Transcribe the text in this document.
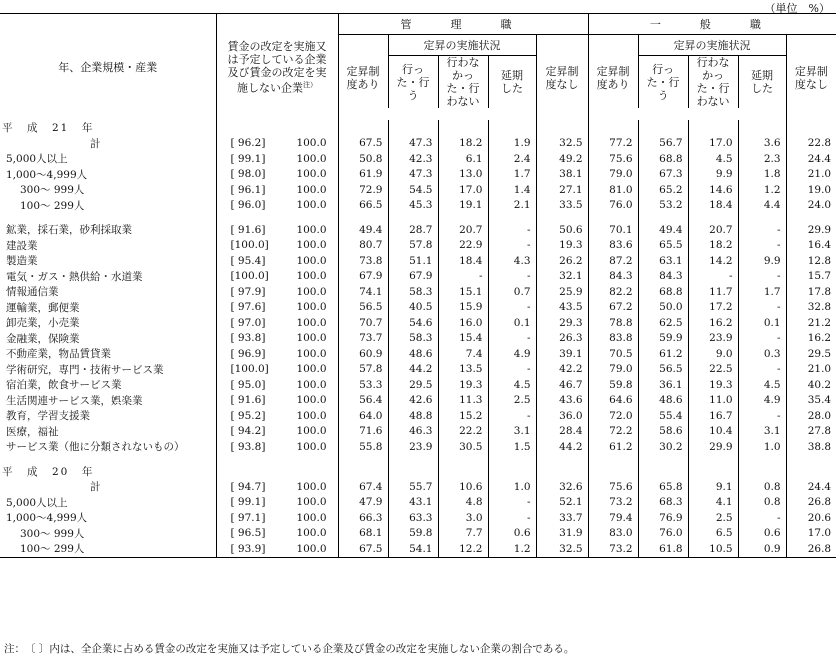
（単位　%）
年、企業規模・産業	賃金の改定を実施又は予定している企業及び賃金の改定を実施しない企業$^{注)}$	管　理　職					一　般　職				
		定昇制度あり	定昇の実施状況			定昇制度なし	定昇制度あり	定昇の実施状況			定昇制度なし
			行った・行う	行わなかった・行わない	延期した			行った・行う	行わなかった・行わない	延期した	

平　成　21　年											
計	[ 96.2] 100.0	67.5	47.3	18.2	1.9	32.5	77.2	56.7	17.0	3.6	22.8
5,000人以上	[ 99.1] 100.0	50.8	42.3	6.1	2.4	49.2	75.6	68.8	4.5	2.3	24.4
1,000～4,999人	[ 98.0] 100.0	61.9	47.3	13.0	1.7	38.1	79.0	67.3	9.9	1.8	21.0
300～ 999人	[ 96.1] 100.0	72.9	54.5	17.0	1.4	27.1	81.0	65.2	14.6	1.2	19.0
100～ 299人	[ 96.0] 100.0	66.5	45.3	19.1	2.1	33.5	76.0	53.2	18.4	4.4	24.0

鉱業，採石業，砂利採取業	[ 91.6] 100.0	49.4	28.7	20.7	-	50.6	70.1	49.4	20.7	-	29.9
建設業	[100.0] 100.0	80.7	57.8	22.9	-	19.3	83.6	65.5	18.2	-	16.4
製造業	[ 95.4] 100.0	73.8	51.1	18.4	4.3	26.2	87.2	63.1	14.2	9.9	12.8
電気・ガス・熱供給・水道業	[100.0] 100.0	67.9	67.9	-	-	32.1	84.3	84.3	-	-	15.7
情報通信業	[ 97.9] 100.0	74.1	58.3	15.1	0.7	25.9	82.2	68.8	11.7	1.7	17.8
運輸業，郵便業	[ 97.6] 100.0	56.5	40.5	15.9	-	43.5	67.2	50.0	17.2	-	32.8
卸売業，小売業	[ 97.0] 100.0	70.7	54.6	16.0	0.1	29.3	78.8	62.5	16.2	0.1	21.2
金融業，保険業	[ 93.8] 100.0	73.7	58.3	15.4	-	26.3	83.8	59.9	23.9	-	16.2
不動産業，物品賃貸業	[ 96.9] 100.0	60.9	48.6	7.4	4.9	39.1	70.5	61.2	9.0	0.3	29.5
学術研究，専門・技術サービス業	[100.0] 100.0	57.8	44.2	13.5	-	42.2	79.0	56.5	22.5	-	21.0
宿泊業，飲食サービス業	[ 95.0] 100.0	53.3	29.5	19.3	4.5	46.7	59.8	36.1	19.3	4.5	40.2
生活関連サービス業，娯楽業	[ 91.6] 100.0	56.4	42.6	11.3	2.5	43.6	64.6	48.6	11.0	4.9	35.4
教育，学習支援業	[ 95.2] 100.0	64.0	48.8	15.2	-	36.0	72.0	55.4	16.7	-	28.0
医療，福祉	[ 94.2] 100.0	71.6	46.3	22.2	3.1	28.4	72.2	58.6	10.4	3.1	27.8
サービス業（他に分類されないもの）	[ 93.8] 100.0	55.8	23.9	30.5	1.5	44.2	61.2	30.2	29.9	1.0	38.8

平　成　20　年											
計	[ 94.7] 100.0	67.4	55.7	10.6	1.0	32.6	75.6	65.8	9.1	0.8	24.4
5,000人以上	[ 99.1] 100.0	47.9	43.1	4.8	-	52.1	73.2	68.3	4.1	0.8	26.8
1,000～4,999人	[ 97.1] 100.0	66.3	63.3	3.0	-	33.7	79.4	76.9	2.5	-	20.6
300～ 999人	[ 96.5] 100.0	68.1	59.8	7.7	0.6	31.9	83.0	76.0	6.5	0.6	17.0
100～ 299人	[ 93.9] 100.0	67.5	54.1	12.2	1.2	32.5	73.2	61.8	10.5	0.9	26.8
注：　〔 〕内は、全企業に占める賃金の改定を実施又は予定している企業及び賃金の改定を実施しない企業の割合である。
